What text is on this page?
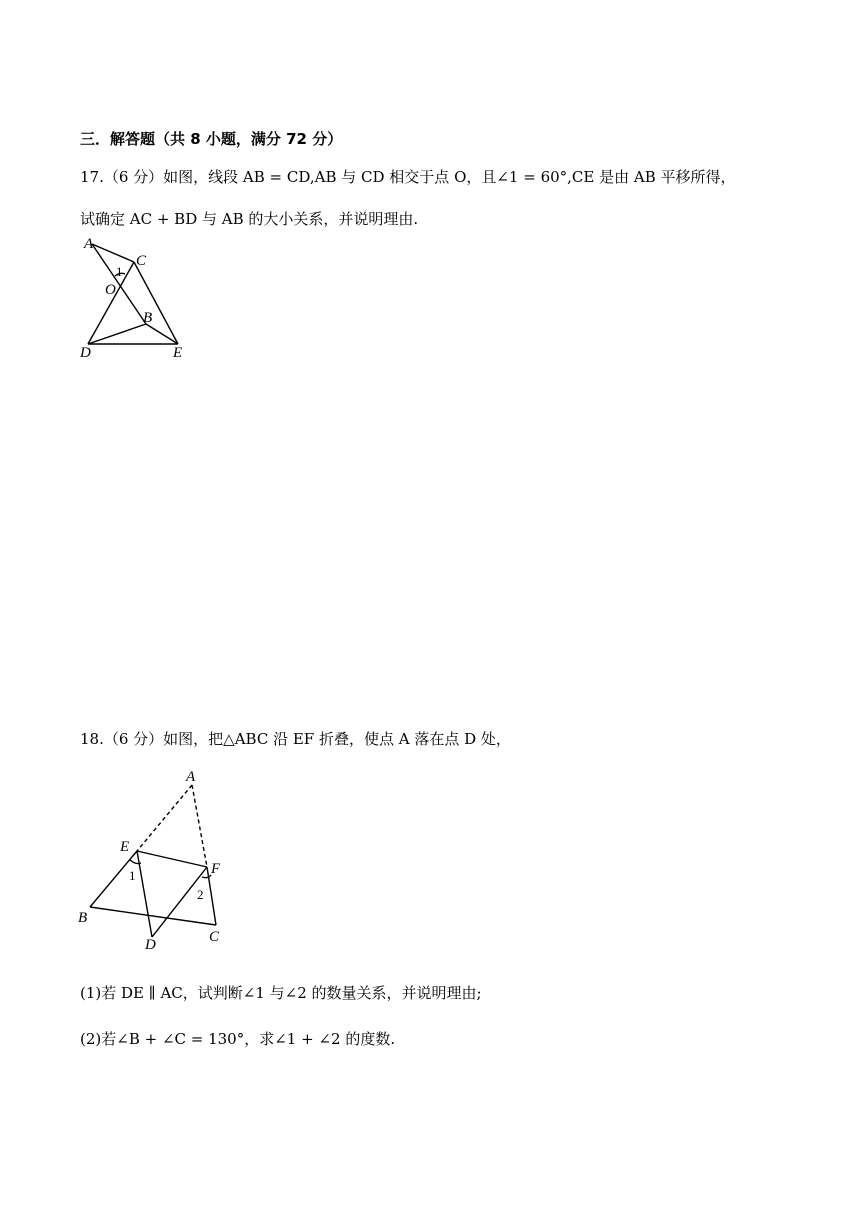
三．解答题（共 8 小题，满分 72 分）
17.（6 分）如图，线段 AB = CD,AB 与 CD 相交于点 O，且∠1 = 60°,CE 是由 AB 平移所得，
试确定 AC + BD 与 AB 的大小关系，并说明理由.
A
C
1
O
B
D	E
18.（6 分）如图，把△ABC 沿 EF 折叠，使点 A 落在点 D 处，
A
E
F
1
2
B
D	C
(1)若 DE ∥ AC，试判断∠1 与∠2 的数量关系，并说明理由;
(2)若∠B + ∠C = 130°，求∠1 + ∠2 的度数.
